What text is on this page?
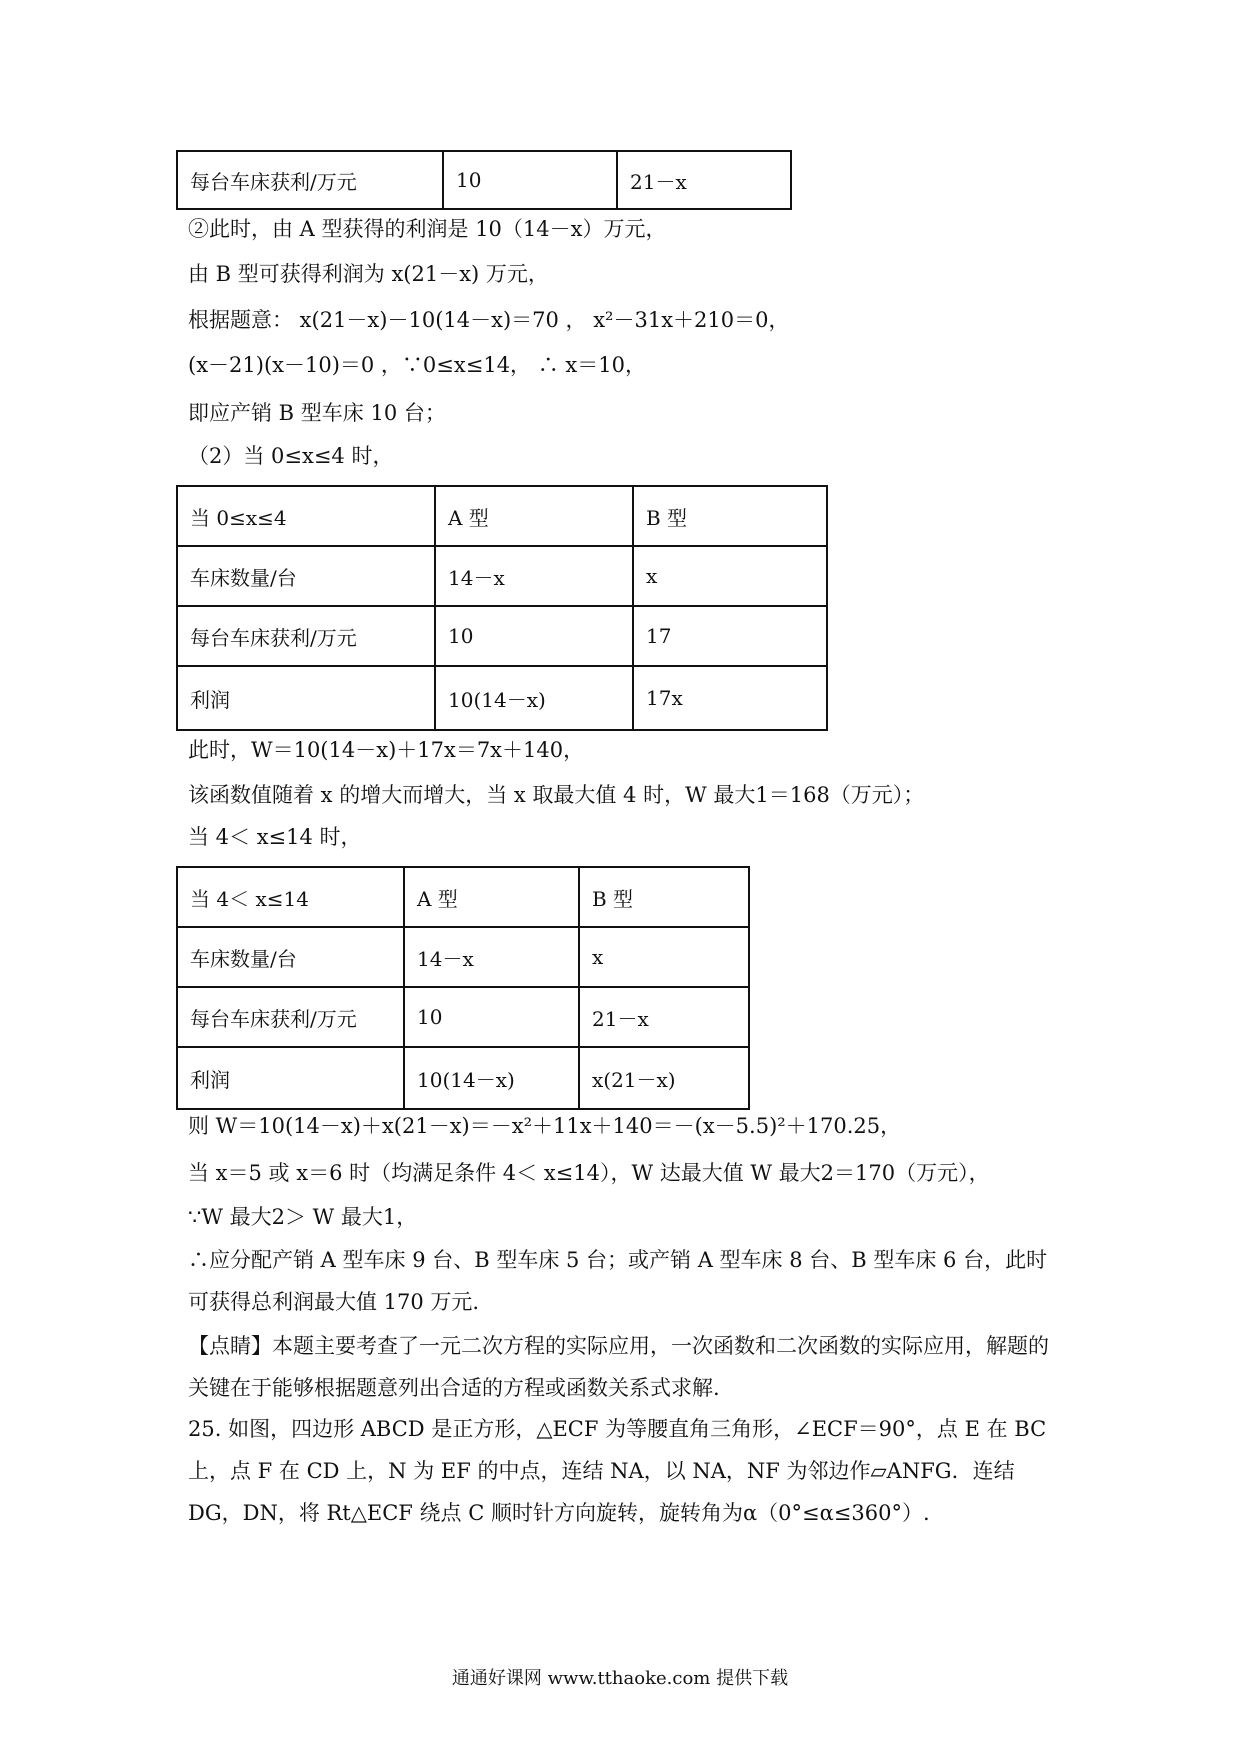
每台车床获利/万元	10	21－x
②此时，由 A 型获得的利润是 10（14－x）万元，
由 B 型可获得利润为 x(21－x) 万元，
根据题意： x(21－x)－10(14－x)＝70 ， x²－31x＋210＝0，
(x－21)(x－10)＝0 ，∵0≤x≤14， ∴ x＝10，
即应产销 B 型车床 10 台；
（2）当 0≤x≤4 时，
当 0≤x≤4	A 型	B 型
车床数量/台	14－x	x
每台车床获利/万元	10	17
利润	10(14－x)	17x
此时，W＝10(14－x)＋17x＝7x＋140，
该函数值随着 x 的增大而增大，当 x 取最大值 4 时，W 最大1＝168（万元）；
当 4＜ x≤14 时，
当 4＜ x≤14	A 型	B 型
车床数量/台	14－x	x
每台车床获利/万元	10	21－x
利润	10(14－x)	x(21－x)
则 W＝10(14－x)＋x(21－x)＝－x²＋11x＋140＝－(x－5.5)²＋170.25，
当 x＝5 或 x＝6 时（均满足条件 4＜ x≤14），W 达最大值 W 最大2＝170（万元），
∵W 最大2＞ W 最大1，
∴应分配产销 A 型车床 9 台、B 型车床 5 台；或产销 A 型车床 8 台、B 型车床 6 台，此时可获得总利润最大值 170 万元.
【点睛】本题主要考查了一元二次方程的实际应用，一次函数和二次函数的实际应用，解题的关键在于能够根据题意列出合适的方程或函数关系式求解.
25. 如图，四边形 ABCD 是正方形，△ECF 为等腰直角三角形，∠ECF＝90°，点 E 在 BC 上，点 F 在 CD 上，N 为 EF 的中点，连结 NA，以 NA，NF 为邻边作▱ANFG．连结 DG，DN，将 Rt△ECF 绕点 C 顺时针方向旋转，旋转角为α（0°≤α≤360°）.
通通好课网 www.tthaoke.com 提供下载
